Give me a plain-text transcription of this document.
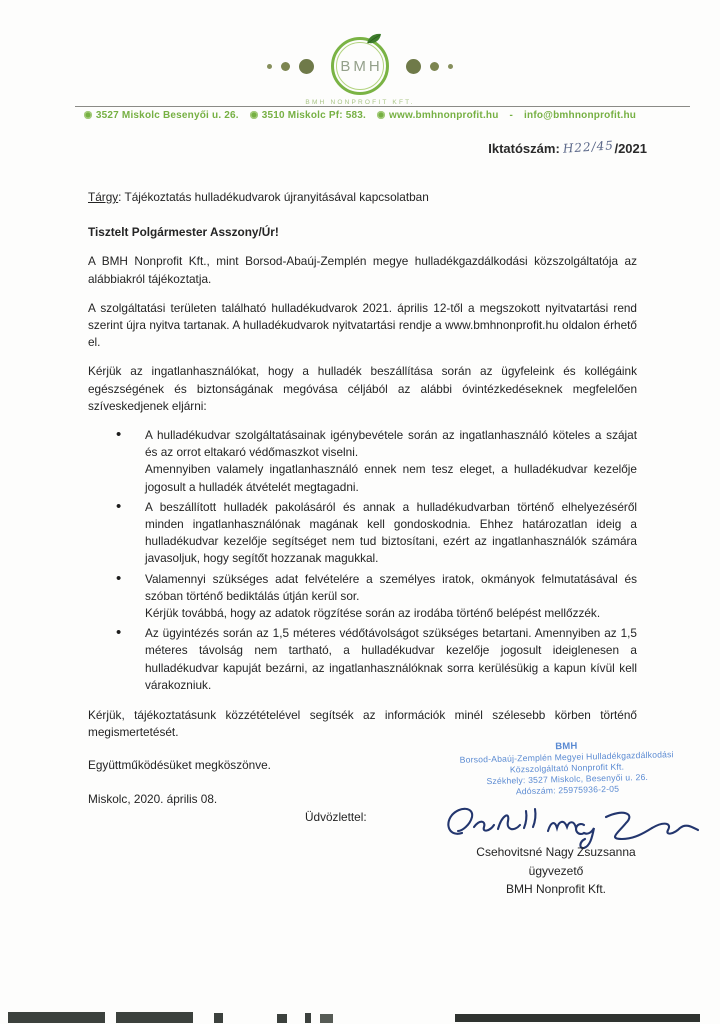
BMH
BMH NONPROFIT KFT.
3527 Miskolc Besenyői u. 26. 3510 Miskolc Pf: 583. www.bmhnonprofit.hu - info@bmhnonprofit.hu
Iktatószám: H22/45/2021
Tárgy: Tájékoztatás hulladékudvarok újranyitásával kapcsolatban
Tisztelt Polgármester Asszony/Úr!
A BMH Nonprofit Kft., mint Borsod-Abaúj-Zemplén megye hulladékgazdálkodási közszolgáltatója az alábbiakról tájékoztatja.
A szolgáltatási területen található hulladékudvarok 2021. április 12-től a megszokott nyitvatartási rend szerint újra nyitva tartanak. A hulladékudvarok nyitvatartási rendje a www.bmhnonprofit.hu oldalon érhető el.
Kérjük az ingatlanhasználókat, hogy a hulladék beszállítása során az ügyfeleink és kollégáink egészségének és biztonságának megóvása céljából az alábbi óvintézkedéseknek megfelelően szíveskedjenek eljárni:
• A hulladékudvar szolgáltatásainak igénybevétele során az ingatlanhasználó köteles a szájat és az orrot eltakaró védőmaszkot viselni.
Amennyiben valamely ingatlanhasználó ennek nem tesz eleget, a hulladékudvar kezelője jogosult a hulladék átvételét megtagadni.
• A beszállított hulladék pakolásáról és annak a hulladékudvarban történő elhelyezéséről minden ingatlanhasználónak magának kell gondoskodnia. Ehhez határozatlan ideig a hulladékudvar kezelője segítséget nem tud biztosítani, ezért az ingatlanhasználók számára javasoljuk, hogy segítőt hozzanak magukkal.
• Valamennyi szükséges adat felvételére a személyes iratok, okmányok felmutatásával és szóban történő bediktálás útján kerül sor.
Kérjük továbbá, hogy az adatok rögzítése során az irodába történő belépést mellőzzék.
• Az ügyintézés során az 1,5 méteres védőtávolságot szükséges betartani. Amennyiben az 1,5 méteres távolság nem tartható, a hulladékudvar kezelője jogosult ideiglenesen a hulladékudvar kapuját bezárni, az ingatlanhasználóknak sorra kerülésükig a kapun kívül kell várakozniuk.
Kérjük, tájékoztatásunk közzétételével segítsék az információk minél szélesebb körben történő megismertetését.
Együttműködésüket megköszönve.
Miskolc, 2020. április 08.
BMH
Borsod-Abaúj-Zemplén Megyei Hulladékgazdálkodási
Közszolgáltató Nonprofit Kft.
Székhely: 3527 Miskolc, Besenyői u. 26.
Adószám: 25975936-2-05
Üdvözlettel:
Csehovitsné Nagy Zsuzsanna
ügyvezető
BMH Nonprofit Kft.
